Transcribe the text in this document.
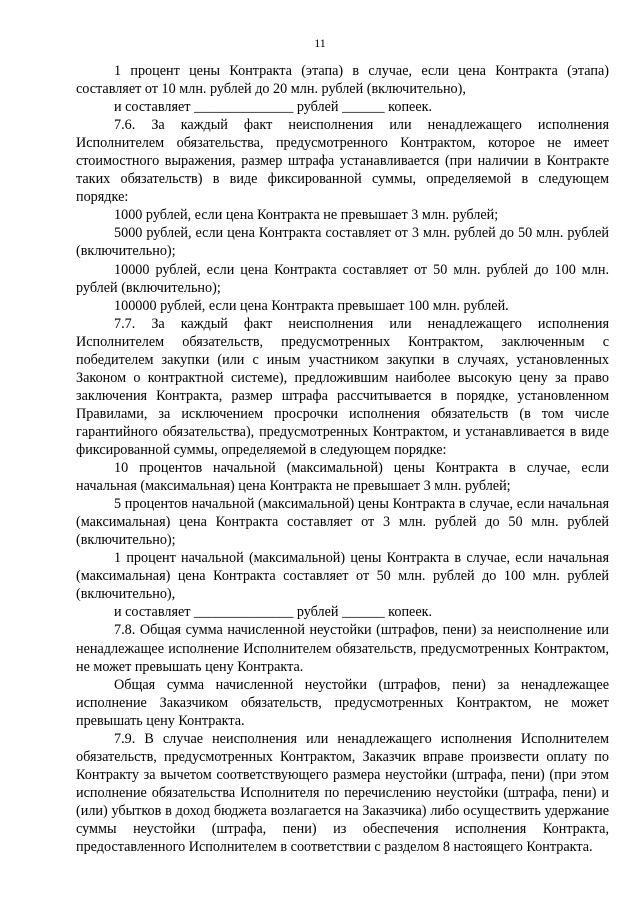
11

1 процент цены Контракта (этапа) в случае, если цена Контракта (этапа) составляет от 10 млн. рублей до 20 млн. рублей (включительно),

и составляет ______________ рублей ______ копеек.

7.6. За каждый факт неисполнения или ненадлежащего исполнения Исполнителем обязательства, предусмотренного Контрактом, которое не имеет стоимостного выражения, размер штрафа устанавливается (при наличии в Контракте таких обязательств) в виде фиксированной суммы, определяемой в следующем порядке:

1000 рублей, если цена Контракта не превышает 3 млн. рублей;

5000 рублей, если цена Контракта составляет от 3 млн. рублей до 50 млн. рублей (включительно);

10000 рублей, если цена Контракта составляет от 50 млн. рублей до 100 млн. рублей (включительно);

100000 рублей, если цена Контракта превышает 100 млн. рублей.

7.7. За каждый факт неисполнения или ненадлежащего исполнения Исполнителем обязательств, предусмотренных Контрактом, заключенным с победителем закупки (или с иным участником закупки в случаях, установленных Законом о контрактной системе), предложившим наиболее высокую цену за право заключения Контракта, размер штрафа рассчитывается в порядке, установленном Правилами, за исключением просрочки исполнения обязательств (в том числе гарантийного обязательства), предусмотренных Контрактом, и устанавливается в виде фиксированной суммы, определяемой в следующем порядке:

10 процентов начальной (максимальной) цены Контракта в случае, если начальная (максимальная) цена Контракта не превышает 3 млн. рублей;

5 процентов начальной (максимальной) цены Контракта в случае, если начальная (максимальная) цена Контракта составляет от 3 млн. рублей до 50 млн. рублей (включительно);

1 процент начальной (максимальной) цены Контракта в случае, если начальная (максимальная) цена Контракта составляет от 50 млн. рублей до 100 млн. рублей (включительно),

и составляет ______________ рублей ______ копеек.

7.8. Общая сумма начисленной неустойки (штрафов, пени) за неисполнение или ненадлежащее исполнение Исполнителем обязательств, предусмотренных Контрактом, не может превышать цену Контракта.

Общая сумма начисленной неустойки (штрафов, пени) за ненадлежащее исполнение Заказчиком обязательств, предусмотренных Контрактом, не может превышать цену Контракта.

7.9. В случае неисполнения или ненадлежащего исполнения Исполнителем обязательств, предусмотренных Контрактом, Заказчик вправе произвести оплату по Контракту за вычетом соответствующего размера неустойки (штрафа, пени) (при этом исполнение обязательства Исполнителя по перечислению неустойки (штрафа, пени) и (или) убытков в доход бюджета возлагается на Заказчика) либо осуществить удержание суммы неустойки (штрафа, пени) из обеспечения исполнения Контракта, предоставленного Исполнителем в соответствии с разделом 8 настоящего Контракта.
